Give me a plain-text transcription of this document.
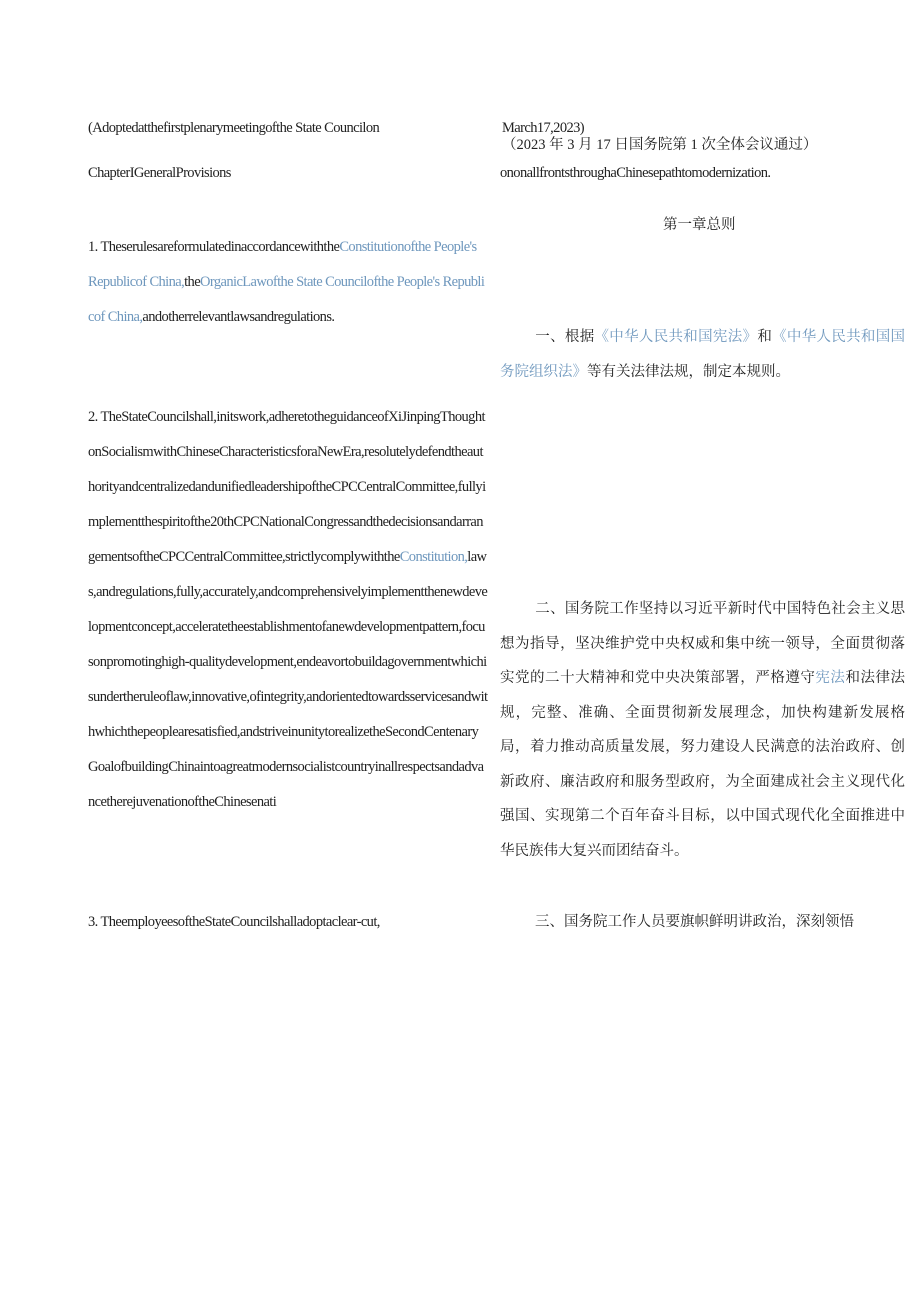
(Adoptedatthefirstplenarymeetingofthe State Councilon	March17,2023)
（2023 年 3 月 17 日国务院第 1 次全体会议通过）
ChapterIGeneralProvisions	ononallfrontsthroughaChinesepathtomodernization.
第一章总则
1. TheserulesareformulatedinaccordancewiththeConstitutionofthe People's Republicof China,theOrganicLawofthe State Councilofthe People's Republicof China,andotherrelevantlawsandregulations.
2. TheStateCouncilshall,initswork,adheretotheguidanceofXiJinpingThoughtonSocialismwithChineseCharacteristicsforaNewEra,resolutelydefendtheauthorityandcentralizedandunifiedleadershipoftheCPCCentralCommittee,fullyimplementthespiritofthe20thCPCNationalCongressandthedecisionsandarrangementsoftheCPCCentralCommittee,strictlycomplywiththeConstitution,laws,andregulations,fully,accurately,andcomprehensivelyimplementthenewdevelopmentconcept,acceleratetheestablishmentofanewdevelopmentpattern,focusonpromotinghigh-qualitydevelopment,endeavortobuildagovernmentwhichisundertheruleoflaw,innovative,ofintegrity,andorientedtowardsservicesandwithwhichthepeoplearesatisfied,andstriveinunitytorealizetheSecondCentenaryGoalofbuildingChinaintoagreatmodernsocialistcountryinallrespectsandadvancetherejuvenationoftheChinesenati
3. TheemployeesoftheStateCouncilshalladoptaclear-cut,
一、根据《中华人民共和国宪法》和《中华人民共和国国务院组织法》等有关法律法规，制定本规则。
二、国务院工作坚持以习近平新时代中国特色社会主义思想为指导，坚决维护党中央权威和集中统一领导，全面贯彻落实党的二十大精神和党中央决策部署，严格遵守宪法和法律法规，完整、准确、全面贯彻新发展理念，加快构建新发展格局，着力推动高质量发展，努力建设人民满意的法治政府、创新政府、廉洁政府和服务型政府，为全面建成社会主义现代化强国、实现第二个百年奋斗目标，以中国式现代化全面推进中华民族伟大复兴而团结奋斗。
三、国务院工作人员要旗帜鲜明讲政治，深刻领悟
